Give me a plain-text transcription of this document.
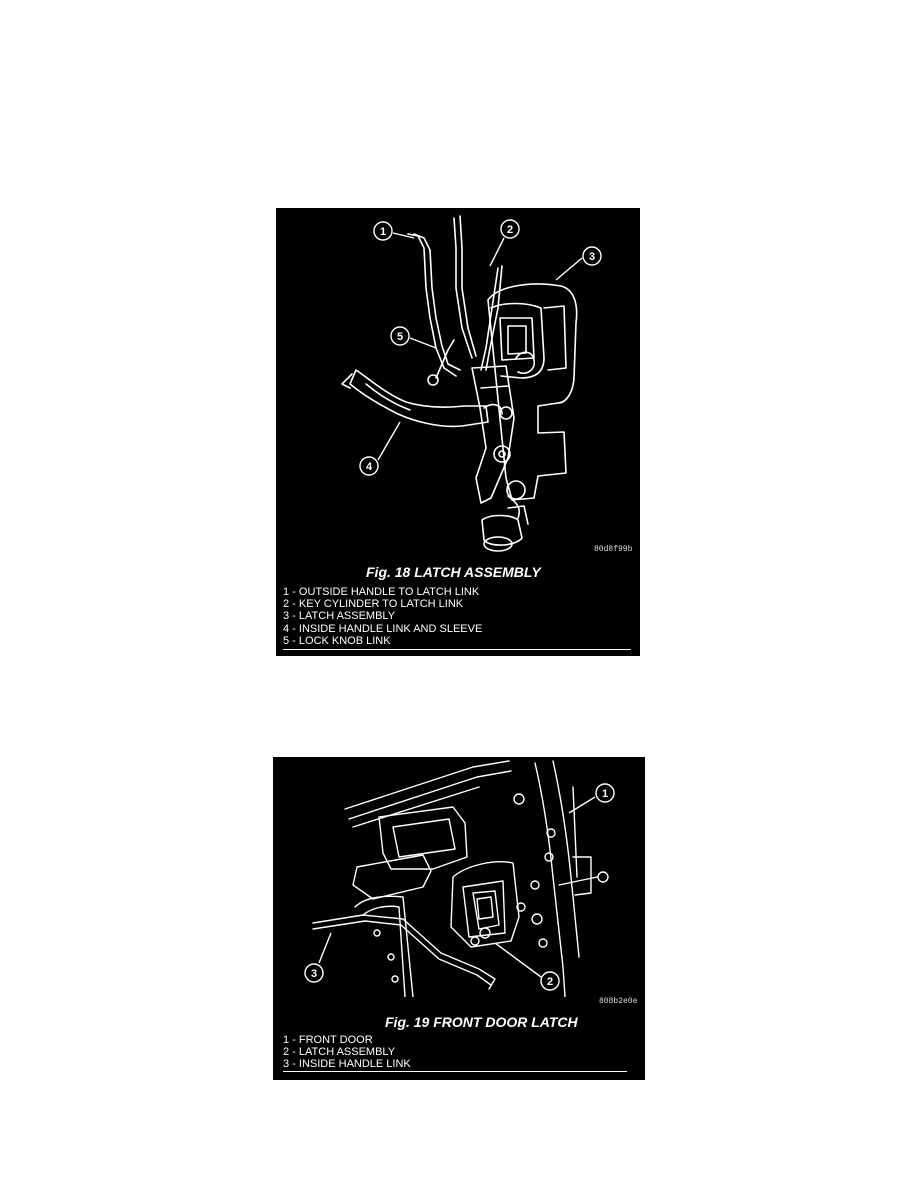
1	2
3
4
5
80d8f99b
Fig. 18 LATCH ASSEMBLY
1 - OUTSIDE HANDLE TO LATCH LINK
2 - KEY CYLINDER TO LATCH LINK
3 - LATCH ASSEMBLY
4 - INSIDE HANDLE LINK AND SLEEVE
5 - LOCK KNOB LINK
1
2
3
808b2e0e
Fig. 19 FRONT DOOR LATCH
1 - FRONT DOOR
2 - LATCH ASSEMBLY
3 - INSIDE HANDLE LINK
